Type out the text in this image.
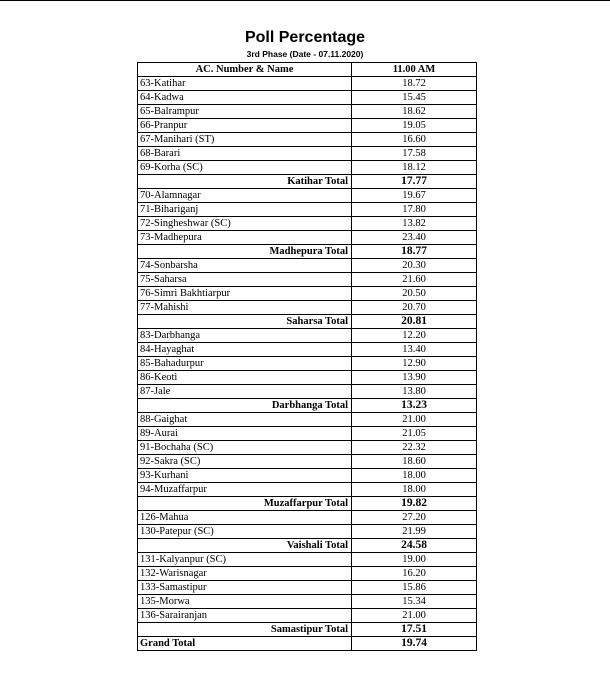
Poll Percentage
3rd Phase (Date - 07.11.2020)
AC. Number & Name	11.00 AM
63-Katihar	18.72
64-Kadwa	15.45
65-Balrampur	18.62
66-Pranpur	19.05
67-Manihari (ST)	16.60
68-Barari	17.58
69-Korha (SC)	18.12
Katihar Total	17.77
70-Alamnagar	19.67
71-Bihariganj	17.80
72-Singheshwar (SC)	13.82
73-Madhepura	23.40
Madhepura Total	18.77
74-Sonbarsha	20.30
75-Saharsa	21.60
76-Simri Bakhtiarpur	20.50
77-Mahishi	20.70
Saharsa Total	20.81
83-Darbhanga	12.20
84-Hayaghat	13.40
85-Bahadurpur	12.90
86-Keoti	13.90
87-Jale	13.80
Darbhanga Total	13.23
88-Gaighat	21.00
89-Aurai	21.05
91-Bochaha (SC)	22.32
92-Sakra (SC)	18.60
93-Kurhani	18.00
94-Muzaffarpur	18.00
Muzaffarpur Total	19.82
126-Mahua	27.20
130-Patepur (SC)	21.99
Vaishali Total	24.58
131-Kalyanpur (SC)	19.00
132-Warisnagar	16.20
133-Samastipur	15.86
135-Morwa	15.34
136-Sarairanjan	21.00
Samastipur Total	17.51
Grand Total	19.74
